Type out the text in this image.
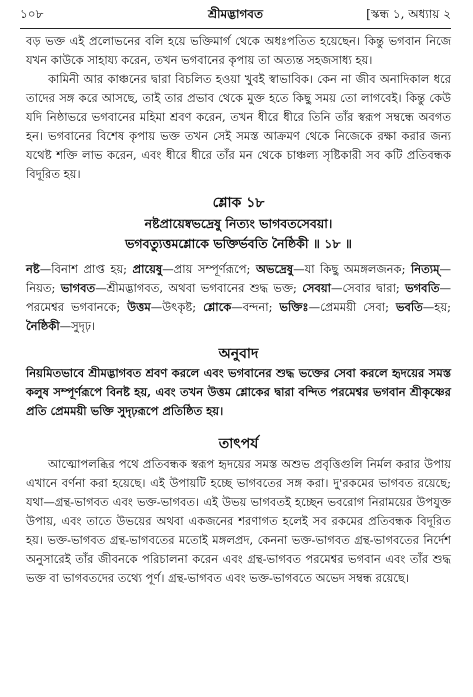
১০৮	শ্রীমদ্ভাগবত	[স্কন্ধ ১, অধ্যায় ২

বড় ভক্ত এই প্রলোভনের বলি হয়ে ভক্তিমার্গ থেকে অধঃপতিত হয়েছেন। কিন্তু ভগবান নিজে যখন কাউকে সাহায্য করেন, তখন ভগবানের কৃপায় তা অত্যন্ত সহজসাধ্য হয়।

কামিনী আর কাঞ্চনের দ্বারা বিচলিত হওয়া খুবই স্বাভাবিক। কেন না জীব অনাদিকাল ধরে তাদের সঙ্গ করে আসছে, তাই তার প্রভাব থেকে মুক্ত হতে কিছু সময় তো লাগবেই। কিন্তু কেউ যদি নিষ্ঠাভরে ভগবানের মহিমা শ্রবণ করেন, তখন ধীরে ধীরে তিনি তাঁর স্বরূপ সম্বন্ধে অবগত হন। ভগবানের বিশেষ কৃপায় ভক্ত তখন সেই সমস্ত আক্রমণ থেকে নিজেকে রক্ষা করার জন্য যথেষ্ট শক্তি লাভ করেন, এবং ধীরে ধীরে তাঁর মন থেকে চাঞ্চল্য সৃষ্টিকারী সব কটি প্রতিবন্ধক বিদূরিত হয়।

শ্লোক ১৮
নষ্টপ্রায়েষ্বভদ্রেষু নিত্যং ভাগবতসেবয়া।
ভগবত্যুত্তমশ্লোকে ভক্তির্ভবতি নৈষ্ঠিকী ॥ ১৮ ॥

নষ্ট—বিনাশ প্রাপ্ত হয়; প্রায়েষু—প্রায় সম্পূর্ণরূপে; অভদ্রেষু—যা কিছু অমঙ্গলজনক; নিত্যম্—নিয়ত; ভাগবত—শ্রীমদ্ভাগবত, অথবা ভগবানের শুদ্ধ ভক্ত; সেবয়া—সেবার দ্বারা; ভগবতি—পরমেশ্বর ভগবানকে; উত্তম—উৎকৃষ্ট; শ্লোকে—বন্দনা; ভক্তিঃ—প্রেমময়ী সেবা; ভবতি—হয়; নৈষ্ঠিকী—সুদৃঢ়।

অনুবাদ

নিয়মিতভাবে শ্রীমদ্ভাগবত শ্রবণ করলে এবং ভগবানের শুদ্ধ ভক্তের সেবা করলে হৃদয়ের সমস্ত কলুষ সম্পূর্ণরূপে বিনষ্ট হয়, এবং তখন উত্তম শ্লোকের দ্বারা বন্দিত পরমেশ্বর ভগবান শ্রীকৃষ্ণের প্রতি প্রেমময়ী ভক্তি সুদৃঢ়রূপে প্রতিষ্ঠিত হয়।

তাৎপর্য

আত্মোপলব্ধির পথে প্রতিবন্ধক স্বরূপ হৃদয়ের সমস্ত অশুভ প্রবৃত্তিগুলি নির্মল করার উপায় এখানে বর্ণনা করা হয়েছে। এই উপায়টি হচ্ছে ভাগবতের সঙ্গ করা। দু'রকমের ভাগবত রয়েছে; যথা—গ্রন্থ-ভাগবত এবং ভক্ত-ভাগবত। এই উভয় ভাগবতই হচ্ছেন ভবরোগ নিরাময়ের উপযুক্ত উপায়, এবং তাতে উভয়ের অথবা একজনের শরণাগত হলেই সব রকমের প্রতিবন্ধক বিদূরিত হয়। ভক্ত-ভাগবত গ্রন্থ-ভাগবতের মতোই মঙ্গলপ্রদ, কেননা ভক্ত-ভাগবত গ্রন্থ-ভাগবতের নির্দেশ অনুসারেই তাঁর জীবনকে পরিচালনা করেন এবং গ্রন্থ-ভাগবত পরমেশ্বর ভগবান এবং তাঁর শুদ্ধ ভক্ত বা ভাগবতদের তথ্যে পূর্ণ। গ্রন্থ-ভাগবত এবং ভক্ত-ভাগবতে অভেদ সম্বন্ধ রয়েছে।
